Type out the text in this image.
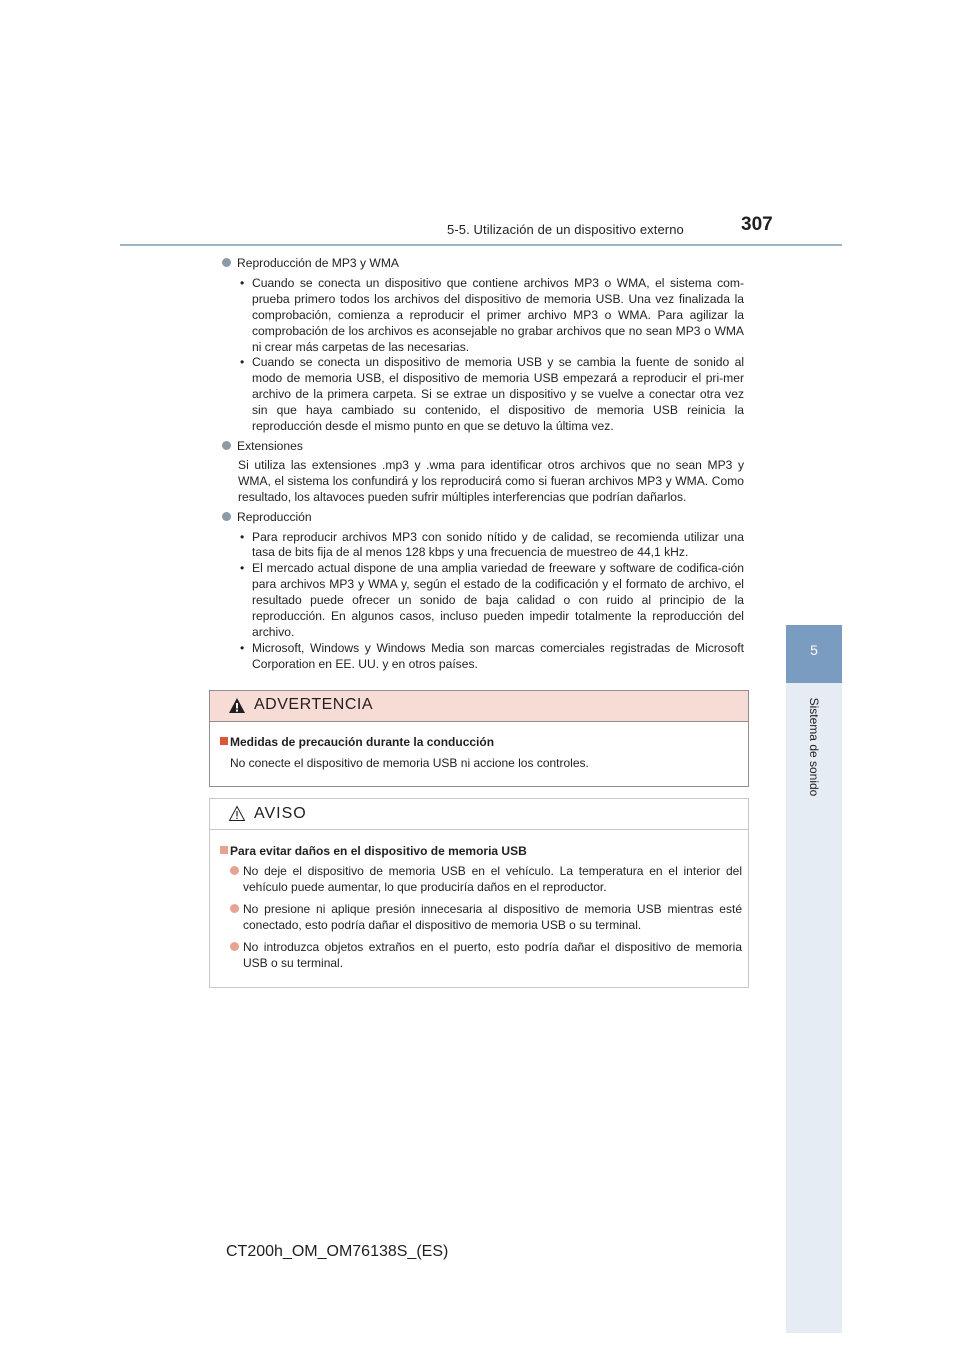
5-5. Utilización de un dispositivo externo	307
5
Sistema de sonido

Reproducción de MP3 y WMA

• Cuando se conecta un dispositivo que contiene archivos MP3 o WMA, el sistema com-prueba primero todos los archivos del dispositivo de memoria USB. Una vez finalizada la comprobación, comienza a reproducir el primer archivo MP3 o WMA. Para agilizar la comprobación de los archivos es aconsejable no grabar archivos que no sean MP3 o WMA ni crear más carpetas de las necesarias.
• Cuando se conecta un dispositivo de memoria USB y se cambia la fuente de sonido al modo de memoria USB, el dispositivo de memoria USB empezará a reproducir el pri-mer archivo de la primera carpeta. Si se extrae un dispositivo y se vuelve a conectar otra vez sin que haya cambiado su contenido, el dispositivo de memoria USB reinicia la reproducción desde el mismo punto en que se detuvo la última vez.

Extensiones

Si utiliza las extensiones .mp3 y .wma para identificar otros archivos que no sean MP3 y WMA, el sistema los confundirá y los reproducirá como si fueran archivos MP3 y WMA. Como resultado, los altavoces pueden sufrir múltiples interferencias que podrían dañarlos.

Reproducción

• Para reproducir archivos MP3 con sonido nítido y de calidad, se recomienda utilizar una tasa de bits fija de al menos 128 kbps y una frecuencia de muestreo de 44,1 kHz.
• El mercado actual dispone de una amplia variedad de freeware y software de codifica-ción para archivos MP3 y WMA y, según el estado de la codificación y el formato de archivo, el resultado puede ofrecer un sonido de baja calidad o con ruido al principio de la reproducción. En algunos casos, incluso pueden impedir totalmente la reproducción del archivo.
• Microsoft, Windows y Windows Media son marcas comerciales registradas de Microsoft Corporation en EE. UU. y en otros países.
ADVERTENCIA
Medidas de precaución durante la conducción
No conecte el dispositivo de memoria USB ni accione los controles.
AVISO
Para evitar daños en el dispositivo de memoria USB
No deje el dispositivo de memoria USB en el vehículo. La temperatura en el interior del vehículo puede aumentar, lo que produciría daños en el reproductor.
No presione ni aplique presión innecesaria al dispositivo de memoria USB mientras esté conectado, esto podría dañar el dispositivo de memoria USB o su terminal.
No introduzca objetos extraños en el puerto, esto podría dañar el dispositivo de memoria USB o su terminal.
CT200h_OM_OM76138S_(ES)
